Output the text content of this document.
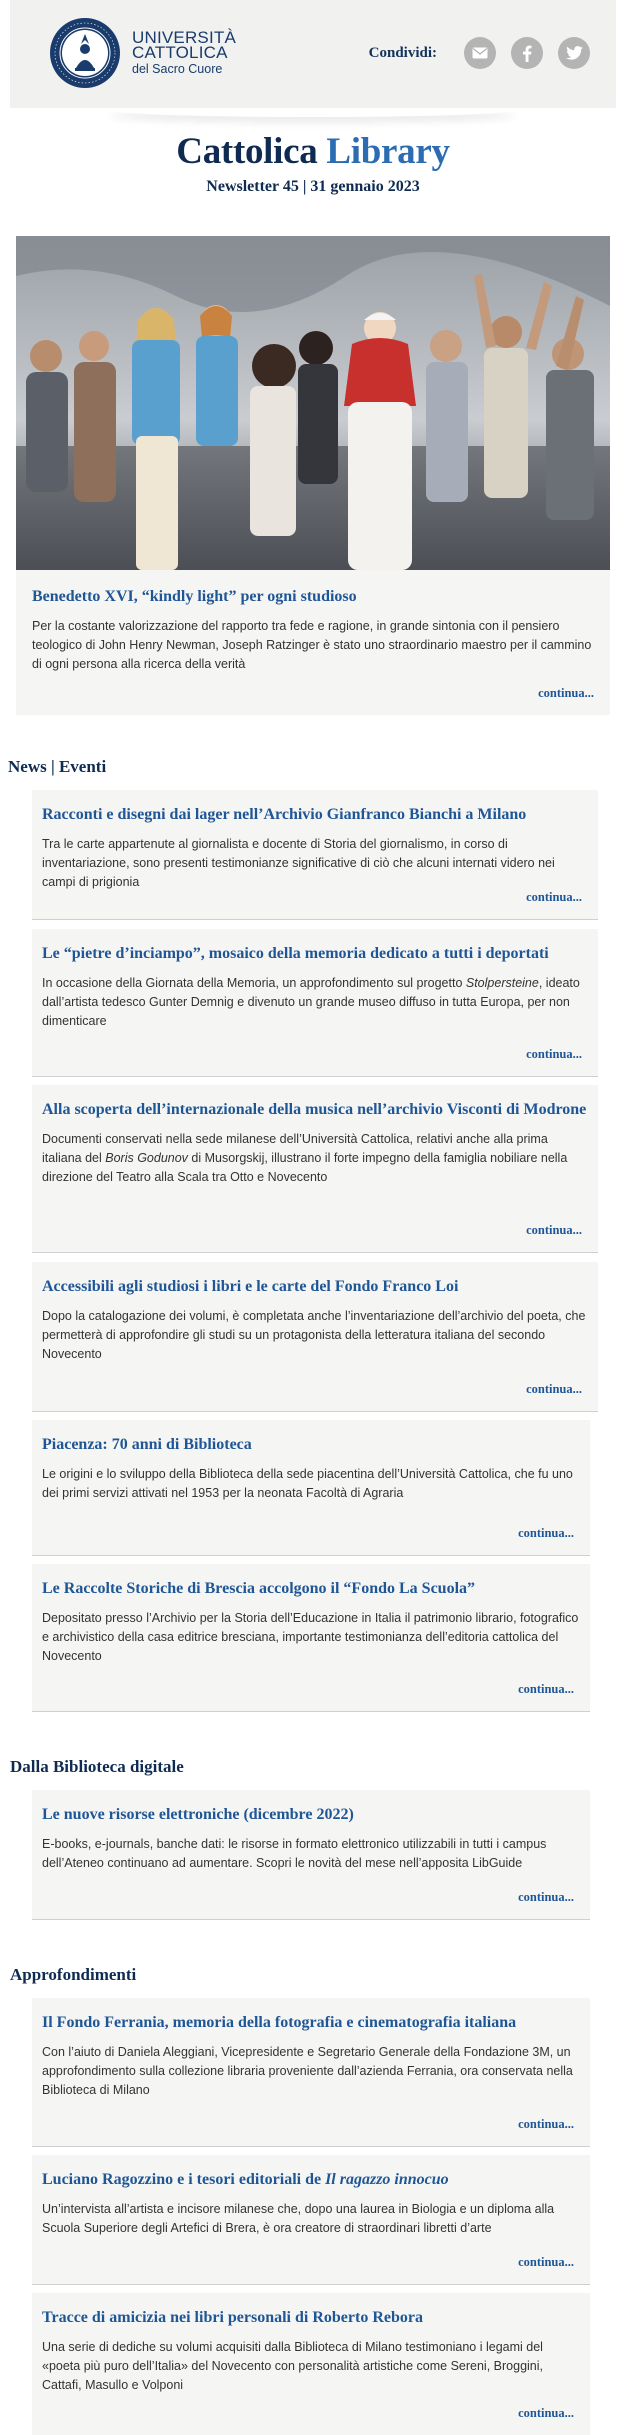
UNIVERSITÀ
CATTOLICA
del Sacro Cuore
Condividi:
Cattolica Library
Newsletter 45 | 31 gennaio 2023
Benedetto XVI, “kindly light” per ogni studioso
Per la costante valorizzazione del rapporto tra fede e ragione, in grande sintonia con il pensiero teologico di John Henry Newman, Joseph Ratzinger è stato uno straordinario maestro per il cammino di ogni persona alla ricerca della verità
continua...
News | Eventi
Racconti e disegni dai lager nell’Archivio Gianfranco Bianchi a Milano
Tra le carte appartenute al giornalista e docente di Storia del giornalismo, in corso di inventariazione, sono presenti testimonianze significative di ciò che alcuni internati videro nei campi di prigionia
continua...
Le “pietre d’inciampo”, mosaico della memoria dedicato a tutti i deportati
In occasione della Giornata della Memoria, un approfondimento sul progetto Stolpersteine, ideato dall’artista tedesco Gunter Demnig e divenuto un grande museo diffuso in tutta Europa, per non dimenticare
continua...
Alla scoperta dell’internazionale della musica nell’archivio Visconti di Modrone
Documenti conservati nella sede milanese dell’Università Cattolica, relativi anche alla prima italiana del Boris Godunov di Musorgskij, illustrano il forte impegno della famiglia nobiliare nella direzione del Teatro alla Scala tra Otto e Novecento
continua...
Accessibili agli studiosi i libri e le carte del Fondo Franco Loi
Dopo la catalogazione dei volumi, è completata anche l’inventariazione dell’archivio del poeta, che permetterà di approfondire gli studi su un protagonista della letteratura italiana del secondo Novecento
continua...
Piacenza: 70 anni di Biblioteca
Le origini e lo sviluppo della Biblioteca della sede piacentina dell’Università Cattolica, che fu uno dei primi servizi attivati nel 1953 per la neonata Facoltà di Agraria
continua...
Le Raccolte Storiche di Brescia accolgono il “Fondo La Scuola”
Depositato presso l’Archivio per la Storia dell’Educazione in Italia il patrimonio librario, fotografico e archivistico della casa editrice bresciana, importante testimonianza dell’editoria cattolica del Novecento
continua...
Dalla Biblioteca digitale
Le nuove risorse elettroniche (dicembre 2022)
E-books, e-journals, banche dati: le risorse in formato elettronico utilizzabili in tutti i campus dell’Ateneo continuano ad aumentare. Scopri le novità del mese nell’apposita LibGuide
continua...
Approfondimenti
Il Fondo Ferrania, memoria della fotografia e cinematografia italiana
Con l’aiuto di Daniela Aleggiani, Vicepresidente e Segretario Generale della Fondazione 3M, un approfondimento sulla collezione libraria proveniente dall’azienda Ferrania, ora conservata nella Biblioteca di Milano
continua...
Luciano Ragozzino e i tesori editoriali de Il ragazzo innocuo
Un’intervista all’artista e incisore milanese che, dopo una laurea in Biologia e un diploma alla Scuola Superiore degli Artefici di Brera, è ora creatore di straordinari libretti d’arte
continua...
Tracce di amicizia nei libri personali di Roberto Rebora
Una serie di dediche su volumi acquisiti dalla Biblioteca di Milano testimoniano i legami del «poeta più puro dell’Italia» del Novecento con personalità artistiche come Sereni, Broggini, Cattafi, Masullo e Volponi
continua...
